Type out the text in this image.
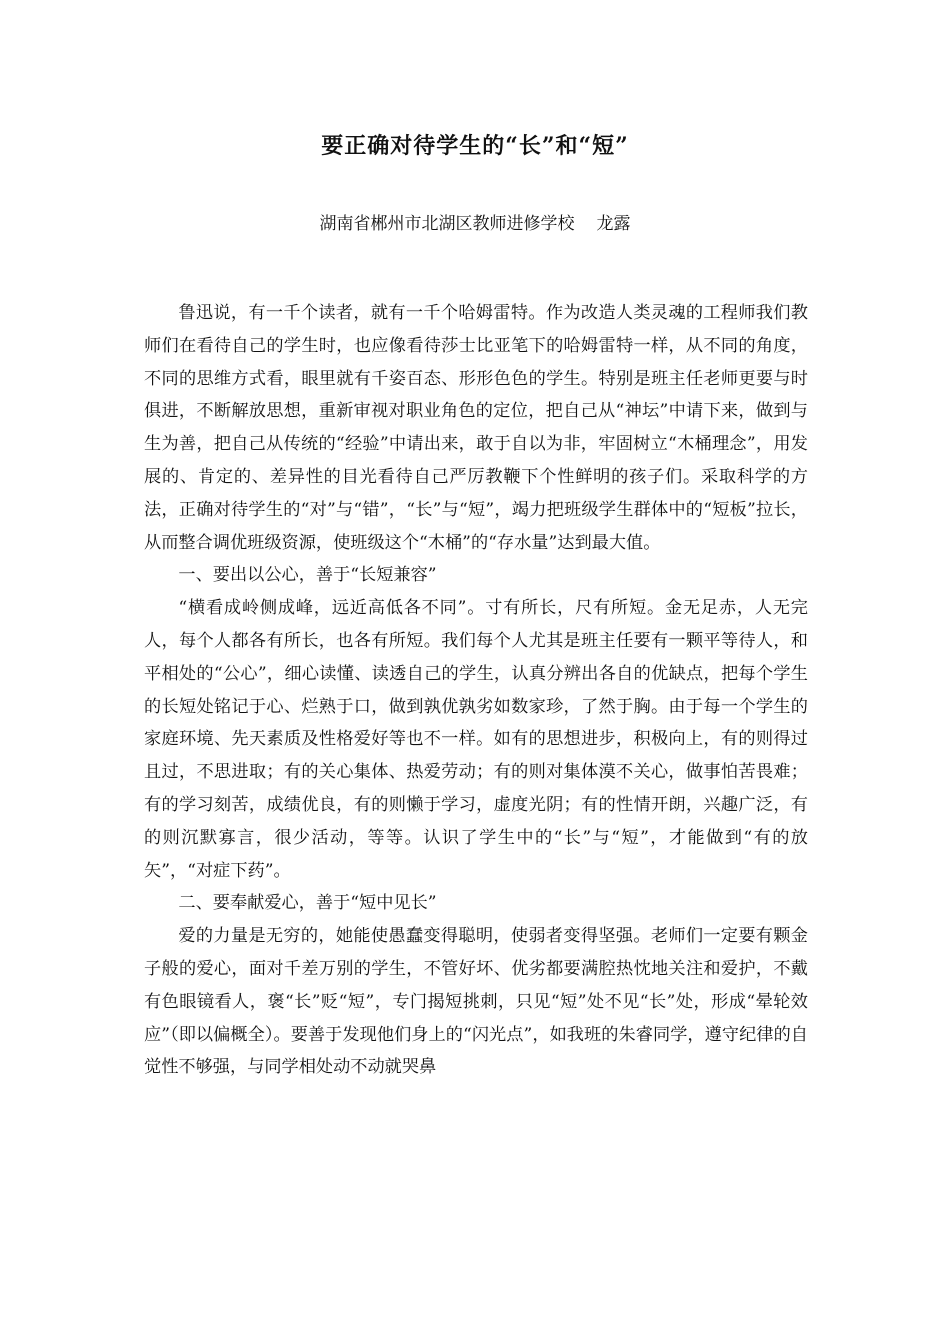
要正确对待学生的“长”和“短”
湖南省郴州市北湖区教师进修学校 龙露

鲁迅说，有一千个读者，就有一千个哈姆雷特。作为改造人类灵魂的工程师我们教师们在看待自己的学生时，也应像看待莎士比亚笔下的哈姆雷特一样，从不同的角度，不同的思维方式看，眼里就有千姿百态、形形色色的学生。特别是班主任老师更要与时俱进，不断解放思想，重新审视对职业角色的定位，把自己从“神坛”中请下来，做到与生为善，把自己从传统的“经验”中请出来，敢于自以为非，牢固树立“木桶理念”，用发展的、肯定的、差异性的目光看待自己严厉教鞭下个性鲜明的孩子们。采取科学的方法，正确对待学生的“对”与“错”，“长”与“短”，竭力把班级学生群体中的“短板”拉长，从而整合调优班级资源，使班级这个“木桶”的“存水量”达到最大值。

一、要出以公心，善于“长短兼容”

“横看成岭侧成峰，远近高低各不同”。寸有所长，尺有所短。金无足赤，人无完人，每个人都各有所长，也各有所短。我们每个人尤其是班主任要有一颗平等待人，和平相处的“公心”，细心读懂、读透自己的学生，认真分辨出各自的优缺点，把每个学生的长短处铭记于心、烂熟于口，做到孰优孰劣如数家珍，了然于胸。由于每一个学生的家庭环境、先天素质及性格爱好等也不一样。如有的思想进步，积极向上，有的则得过且过，不思进取；有的关心集体、热爱劳动；有的则对集体漠不关心，做事怕苦畏难；有的学习刻苦，成绩优良，有的则懒于学习，虚度光阴；有的性情开朗，兴趣广泛，有的则沉默寡言，很少活动，等等。认识了学生中的“长”与“短”，才能做到“有的放矢”，“对症下药”。

二、要奉献爱心，善于“短中见长”

爱的力量是无穷的，她能使愚蠢变得聪明，使弱者变得坚强。老师们一定要有颗金子般的爱心，面对千差万别的学生，不管好坏、优劣都要满腔热忱地关注和爱护，不戴有色眼镜看人，褒“长”贬“短”，专门揭短挑刺，只见“短”处不见“长”处，形成“晕轮效应”（即以偏概全）。要善于发现他们身上的“闪光点”，如我班的朱睿同学，遵守纪律的自觉性不够强，与同学相处动不动就哭鼻
